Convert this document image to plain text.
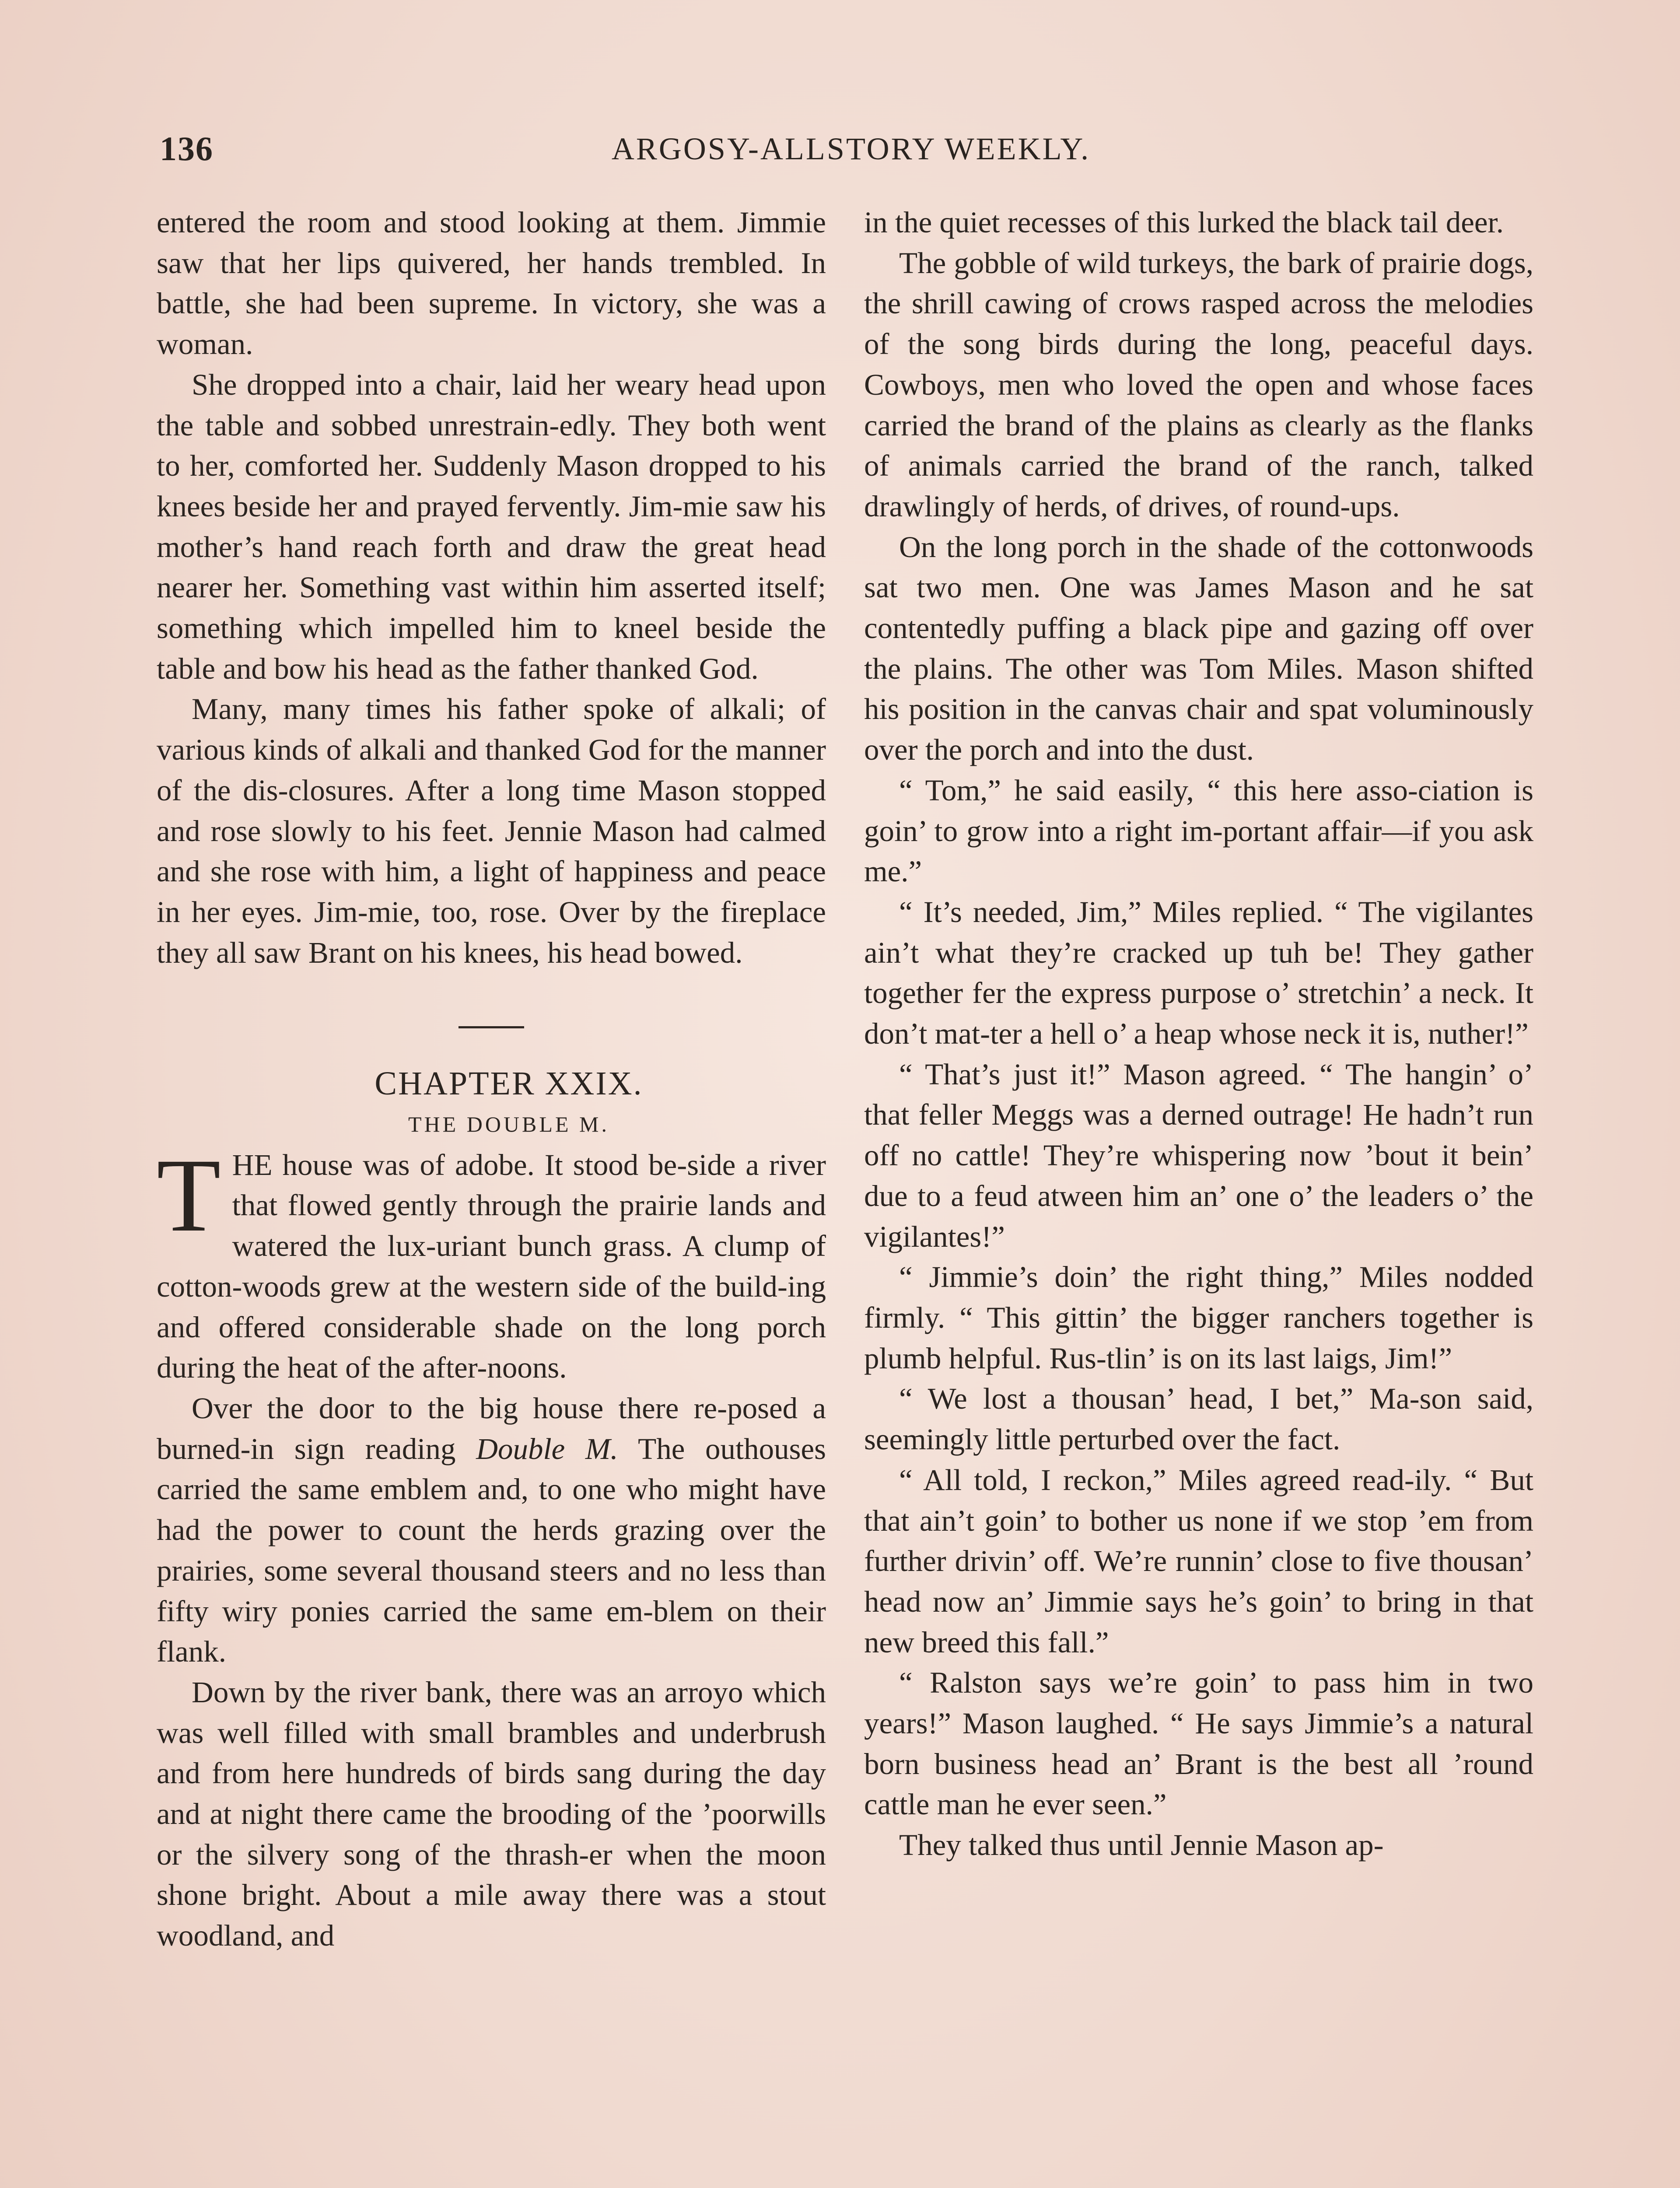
136	ARGOSY-ALLSTORY WEEKLY.

entered the room and stood looking at them. Jimmie saw that her lips quivered, her hands trembled. In battle, she had been supreme. In victory, she was a woman.

She dropped into a chair, laid her weary head upon the table and sobbed unrestrain-edly. They both went to her, comforted her. Suddenly Mason dropped to his knees beside her and prayed fervently. Jim-mie saw his mother’s hand reach forth and draw the great head nearer her. Something vast within him asserted itself; something which impelled him to kneel beside the table and bow his head as the father thanked God.

Many, many times his father spoke of alkali; of various kinds of alkali and thanked God for the manner of the dis-closures. After a long time Mason stopped and rose slowly to his feet. Jennie Mason had calmed and she rose with him, a light of happiness and peace in her eyes. Jim-mie, too, rose. Over by the fireplace they all saw Brant on his knees, his head bowed.

CHAPTER XXIX.

THE DOUBLE M.

THE house was of adobe. It stood be-side a river that flowed gently through the prairie lands and watered the lux-uriant bunch grass. A clump of cotton-woods grew at the western side of the build-ing and offered considerable shade on the long porch during the heat of the after-noons.

Over the door to the big house there re-posed a burned-in sign reading Double M. The outhouses carried the same emblem and, to one who might have had the power to count the herds grazing over the prairies, some several thousand steers and no less than fifty wiry ponies carried the same em-blem on their flank.

Down by the river bank, there was an arroyo which was well filled with small brambles and underbrush and from here hundreds of birds sang during the day and at night there came the brooding of the ’poorwills or the silvery song of the thrash-er when the moon shone bright. About a mile away there was a stout woodland, and

in the quiet recesses of this lurked the black tail deer.

The gobble of wild turkeys, the bark of prairie dogs, the shrill cawing of crows rasped across the melodies of the song birds during the long, peaceful days. Cowboys, men who loved the open and whose faces carried the brand of the plains as clearly as the flanks of animals carried the brand of the ranch, talked drawlingly of herds, of drives, of round-ups.

On the long porch in the shade of the cottonwoods sat two men. One was James Mason and he sat contentedly puffing a black pipe and gazing off over the plains. The other was Tom Miles. Mason shifted his position in the canvas chair and spat voluminously over the porch and into the dust.

“ Tom,” he said easily, “ this here asso-ciation is goin’ to grow into a right im-portant affair—if you ask me.”

“ It’s needed, Jim,” Miles replied. “ The vigilantes ain’t what they’re cracked up tuh be! They gather together fer the express purpose o’ stretchin’ a neck. It don’t mat-ter a hell o’ a heap whose neck it is, nuther!”

“ That’s just it!” Mason agreed. “ The hangin’ o’ that feller Meggs was a derned outrage! He hadn’t run off no cattle! They’re whispering now ’bout it bein’ due to a feud atween him an’ one o’ the leaders o’ the vigilantes!”

“ Jimmie’s doin’ the right thing,” Miles nodded firmly. “ This gittin’ the bigger ranchers together is plumb helpful. Rus-tlin’ is on its last laigs, Jim!”

“ We lost a thousan’ head, I bet,” Ma-son said, seemingly little perturbed over the fact.

“ All told, I reckon,” Miles agreed read-ily. “ But that ain’t goin’ to bother us none if we stop ’em from further drivin’ off. We’re runnin’ close to five thousan’ head now an’ Jimmie says he’s goin’ to bring in that new breed this fall.”

“ Ralston says we’re goin’ to pass him in two years!” Mason laughed. “ He says Jimmie’s a natural born business head an’ Brant is the best all ’round cattle man he ever seen.”

They talked thus until Jennie Mason ap-
